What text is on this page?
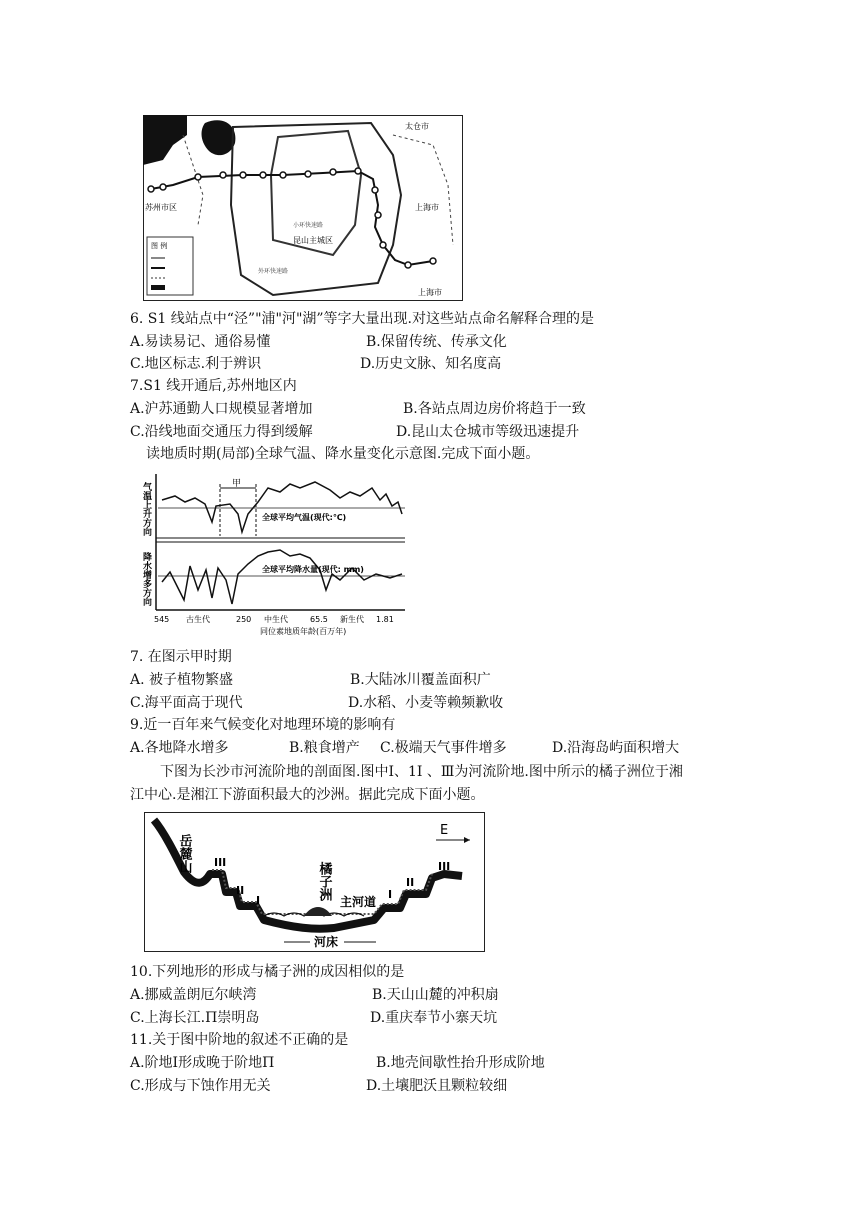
太仓市
上海市
上海市
苏州市区
昆山主城区
小环快速路
外环快速路
图 例
6. S1 线站点中“泾”"浦"河"湖”等字大量出现.对这些站点命名解释合理的是
A.易读易记、通俗易懂	B.保留传统、传承文化
C.地区标志.利于辨识	D.历史文脉、知名度高
7.S1 线开通后,苏州地区内
A.沪苏通勤人口规模显著增加	B.各站点周边房价将趋于一致
C.沿线地面交通压力得到缓解	D.昆山太仓城市等级迅速提升
读地质时期(局部)全球气温、降水量变化示意图.完成下面小题。
气温上升方向
降水增多方向
甲
全球平均气温(现代:℃)
全球平均降水量(现代: mm)
545 古生代	250 中生代	65.5 新生代 1.81
同位素地质年龄(百万年)
7. 在图示甲时期
A. 被子植物繁盛	B.大陆冰川覆盖面积广
C.海平面高于现代	D.水稻、小麦等赖频歉收
9.近一百年来气候变化对地理环境的影响有
A.各地降水增多	B.粮食增产 C.极端天气事件增多	D.沿海岛屿面积增大
下图为长沙市河流阶地的剖面图.图中Ⅰ、1I 、Ⅲ为河流阶地.图中所示的橘子洲位于湘
江中心.是湘江下游面积最大的沙洲。据此完成下面小题。
岳麓山
橘子洲
主河道
河床
E
III
II
I	I
II
III
10.下列地形的形成与橘子洲的成因相似的是
A.挪威盖朗厄尔峡湾	B.天山山麓的冲积扇
C.上海长江.Π崇明岛	D.重庆奉节小寨天坑
11.关于图中阶地的叙述不正确的是
A.阶地Ⅰ形成晚于阶地Π	B.地壳间歇性抬升形成阶地
C.形成与下蚀作用无关	D.土壤肥沃且颗粒较细
